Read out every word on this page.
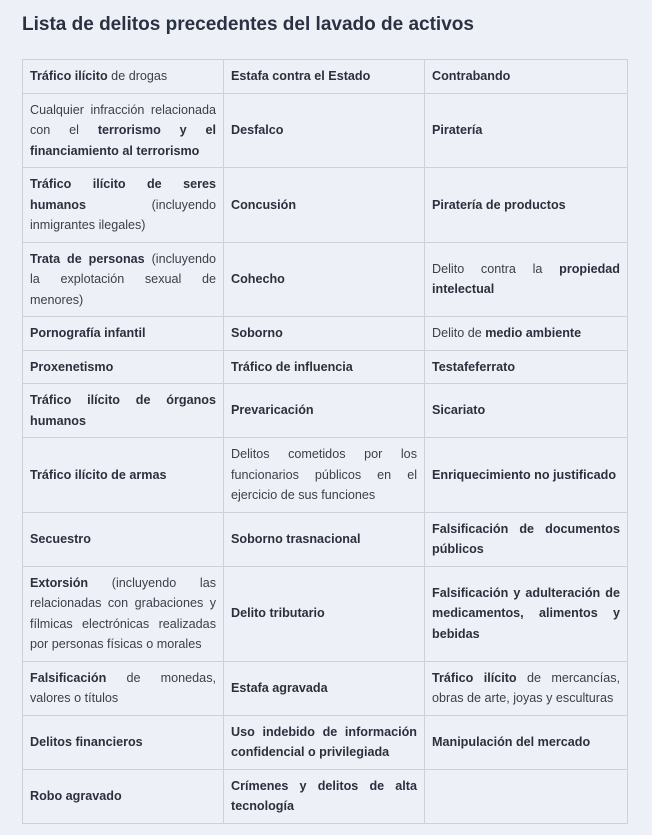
Lista de delitos precedentes del lavado de activos
Tráfico ilícito de drogas	Estafa contra el Estado	Contrabando
Cualquier infracción relacionada con el terrorismo y el financiamiento al terrorismo	Desfalco	Piratería
Tráfico ilícito de seres humanos (incluyendo inmigrantes ilegales)	Concusión	Piratería de productos
Trata de personas (incluyendo la explotación sexual de menores)	Cohecho	Delito contra la propiedad intelectual
Pornografía infantil	Soborno	Delito de medio ambiente
Proxenetismo	Tráfico de influencia	Testafeferrato
Tráfico ilícito de órganos humanos	Prevaricación	Sicariato
Tráfico ilícito de armas	Delitos cometidos por los funcionarios públicos en el ejercicio de sus funciones	Enriquecimiento no justificado
Secuestro	Soborno trasnacional	Falsificación de documentos públicos
Extorsión (incluyendo las relacionadas con grabaciones y fílmicas electrónicas realizadas por personas físicas o morales	Delito tributario	Falsificación y adulteración de medicamentos, alimentos y bebidas
Falsificación de monedas, valores o títulos	Estafa agravada	Tráfico ilícito de mercancías, obras de arte, joyas y esculturas
Delitos financieros	Uso indebido de información confidencial o privilegiada	Manipulación del mercado
Robo agravado	Crímenes y delitos de alta tecnología	
